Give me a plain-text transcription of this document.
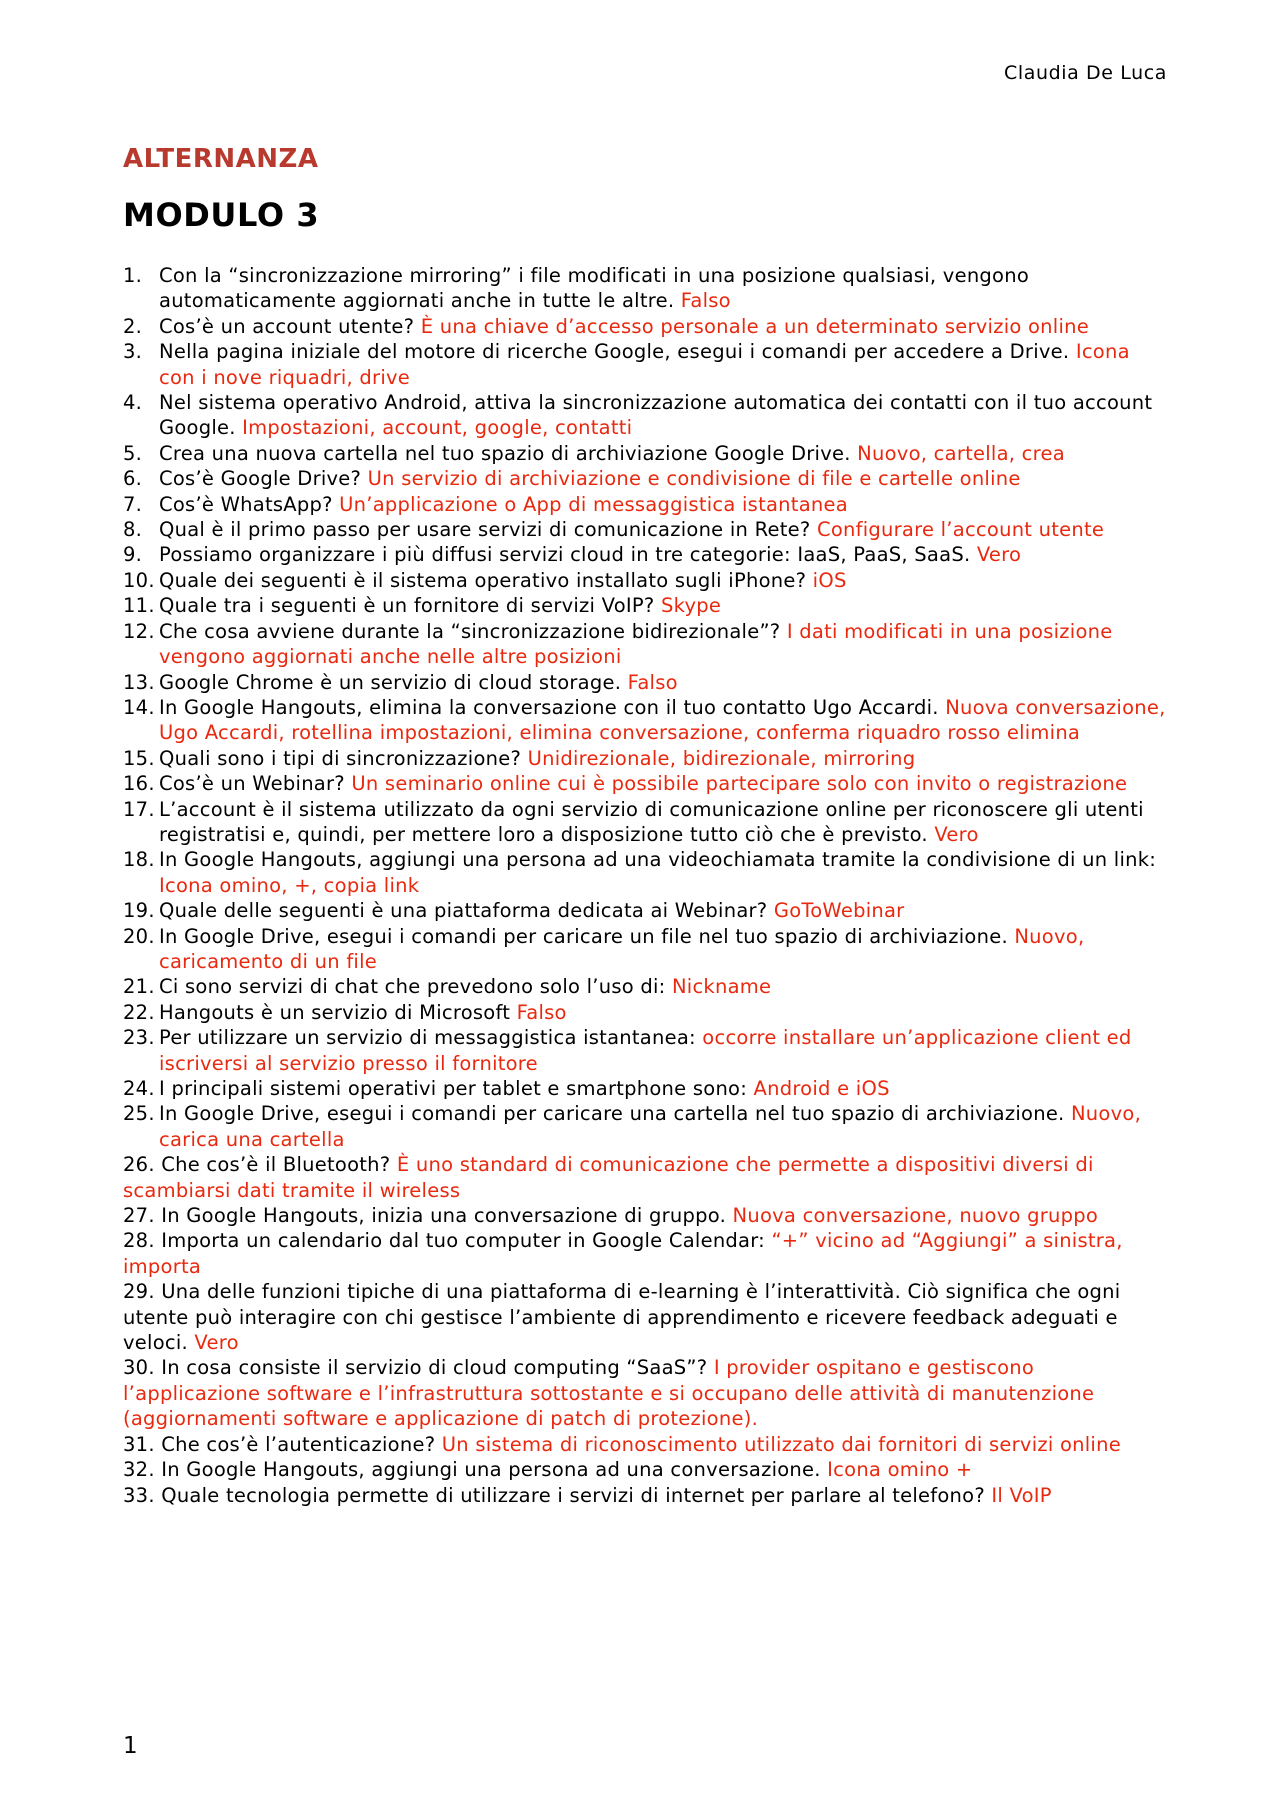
Claudia De Luca
ALTERNANZA
MODULO 3
1. Con la “sincronizzazione mirroring” i file modificati in una posizione qualsiasi, vengono automaticamente aggiornati anche in tutte le altre. Falso
2. Cos’è un account utente? È una chiave d’accesso personale a un determinato servizio online
3. Nella pagina iniziale del motore di ricerche Google, esegui i comandi per accedere a Drive. Icona con i nove riquadri, drive
4. Nel sistema operativo Android, attiva la sincronizzazione automatica dei contatti con il tuo account Google. Impostazioni, account, google, contatti
5. Crea una nuova cartella nel tuo spazio di archiviazione Google Drive. Nuovo, cartella, crea
6. Cos’è Google Drive? Un servizio di archiviazione e condivisione di file e cartelle online
7. Cos’è WhatsApp? Un’applicazione o App di messaggistica istantanea
8. Qual è il primo passo per usare servizi di comunicazione in Rete? Configurare l’account utente
9. Possiamo organizzare i più diffusi servizi cloud in tre categorie: IaaS, PaaS, SaaS. Vero
10. Quale dei seguenti è il sistema operativo installato sugli iPhone? iOS
11. Quale tra i seguenti è un fornitore di servizi VoIP? Skype
12. Che cosa avviene durante la “sincronizzazione bidirezionale”? I dati modificati in una posizione vengono aggiornati anche nelle altre posizioni
13. Google Chrome è un servizio di cloud storage. Falso
14. In Google Hangouts, elimina la conversazione con il tuo contatto Ugo Accardi. Nuova conversazione, Ugo Accardi, rotellina impostazioni, elimina conversazione, conferma riquadro rosso elimina
15. Quali sono i tipi di sincronizzazione? Unidirezionale, bidirezionale, mirroring
16. Cos’è un Webinar? Un seminario online cui è possibile partecipare solo con invito o registrazione
17. L’account è il sistema utilizzato da ogni servizio di comunicazione online per riconoscere gli utenti registratisi e, quindi, per mettere loro a disposizione tutto ciò che è previsto. Vero
18. In Google Hangouts, aggiungi una persona ad una videochiamata tramite la condivisione di un link: Icona omino, +, copia link
19. Quale delle seguenti è una piattaforma dedicata ai Webinar? GoToWebinar
20. In Google Drive, esegui i comandi per caricare un file nel tuo spazio di archiviazione. Nuovo, caricamento di un file
21. Ci sono servizi di chat che prevedono solo l’uso di: Nickname
22. Hangouts è un servizio di Microsoft Falso
23. Per utilizzare un servizio di messaggistica istantanea: occorre installare un’applicazione client ed iscriversi al servizio presso il fornitore
24. I principali sistemi operativi per tablet e smartphone sono: Android e iOS
25. In Google Drive, esegui i comandi per caricare una cartella nel tuo spazio di archiviazione. Nuovo, carica una cartella
26. Che cos’è il Bluetooth? È uno standard di comunicazione che permette a dispositivi diversi di scambiarsi dati tramite il wireless
27. In Google Hangouts, inizia una conversazione di gruppo. Nuova conversazione, nuovo gruppo
28. Importa un calendario dal tuo computer in Google Calendar: “+” vicino ad “Aggiungi” a sinistra, importa
29. Una delle funzioni tipiche di una piattaforma di e-learning è l’interattività. Ciò significa che ogni utente può interagire con chi gestisce l’ambiente di apprendimento e ricevere feedback adeguati e veloci. Vero
30. In cosa consiste il servizio di cloud computing “SaaS”? I provider ospitano e gestiscono l’applicazione software e l’infrastruttura sottostante e si occupano delle attività di manutenzione (aggiornamenti software e applicazione di patch di protezione).
31. Che cos’è l’autenticazione? Un sistema di riconoscimento utilizzato dai fornitori di servizi online
32. In Google Hangouts, aggiungi una persona ad una conversazione. Icona omino +
33. Quale tecnologia permette di utilizzare i servizi di internet per parlare al telefono? Il VoIP
1
